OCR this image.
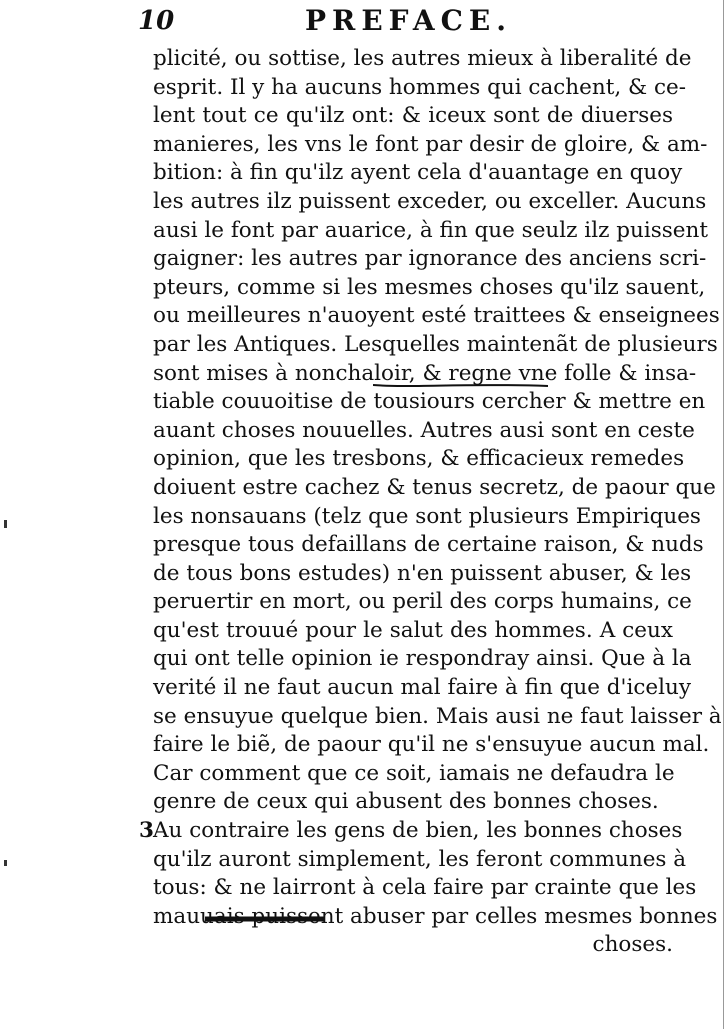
10	PREFACE.
plicité, ou sottise, les autres mieux à liberalité de
esprit. Il y ha aucuns hommes qui cachent, & ce-
lent tout ce qu'ilz ont: & iceux sont de diuerses
manieres, les vns le font par desir de gloire, & am-
bition: à fin qu'ilz ayent cela d'auantage en quoy
les autres ilz puissent exceder, ou exceller. Aucuns
ausi le font par auarice, à fin que seulz ilz puissent
gaigner: les autres par ignorance des anciens scri-
pteurs, comme si les mesmes choses qu'ilz sauent,
ou meilleures n'auoyent esté traittees & enseignees
par les Antiques. Lesquelles maintenãt de plusieurs
sont mises à nonchaloir, & regne vne folle & insa-
tiable couuoitise de tousiours cercher & mettre en
auant choses nouuelles. Autres ausi sont en ceste
opinion, que les tresbons, & efficacieux remedes
doiuent estre cachez & tenus secretz, de paour que
les nonsauans (telz que sont plusieurs Empiriques
presque tous defaillans de certaine raison, & nuds
de tous bons estudes) n'en puissent abuser, & les
peruertir en mort, ou peril des corps humains, ce
qu'est trouué pour le salut des hommes. A ceux
qui ont telle opinion ie respondray ainsi. Que à la
verité il ne faut aucun mal faire à fin que d'iceluy
se ensuyue quelque bien. Mais ausi ne faut laisser à
faire le biẽ, de paour qu'il ne s'ensuyue aucun mal.
Car comment que ce soit, iamais ne defaudra le
genre de ceux qui abusent des bonnes choses.
3 Au contraire les gens de bien, les bonnes choses
qu'ilz auront simplement, les feront communes à
tous: & ne lairront à cela faire par crainte que les
mauuais puissent abuser par celles mesmes bonnes
choses.
